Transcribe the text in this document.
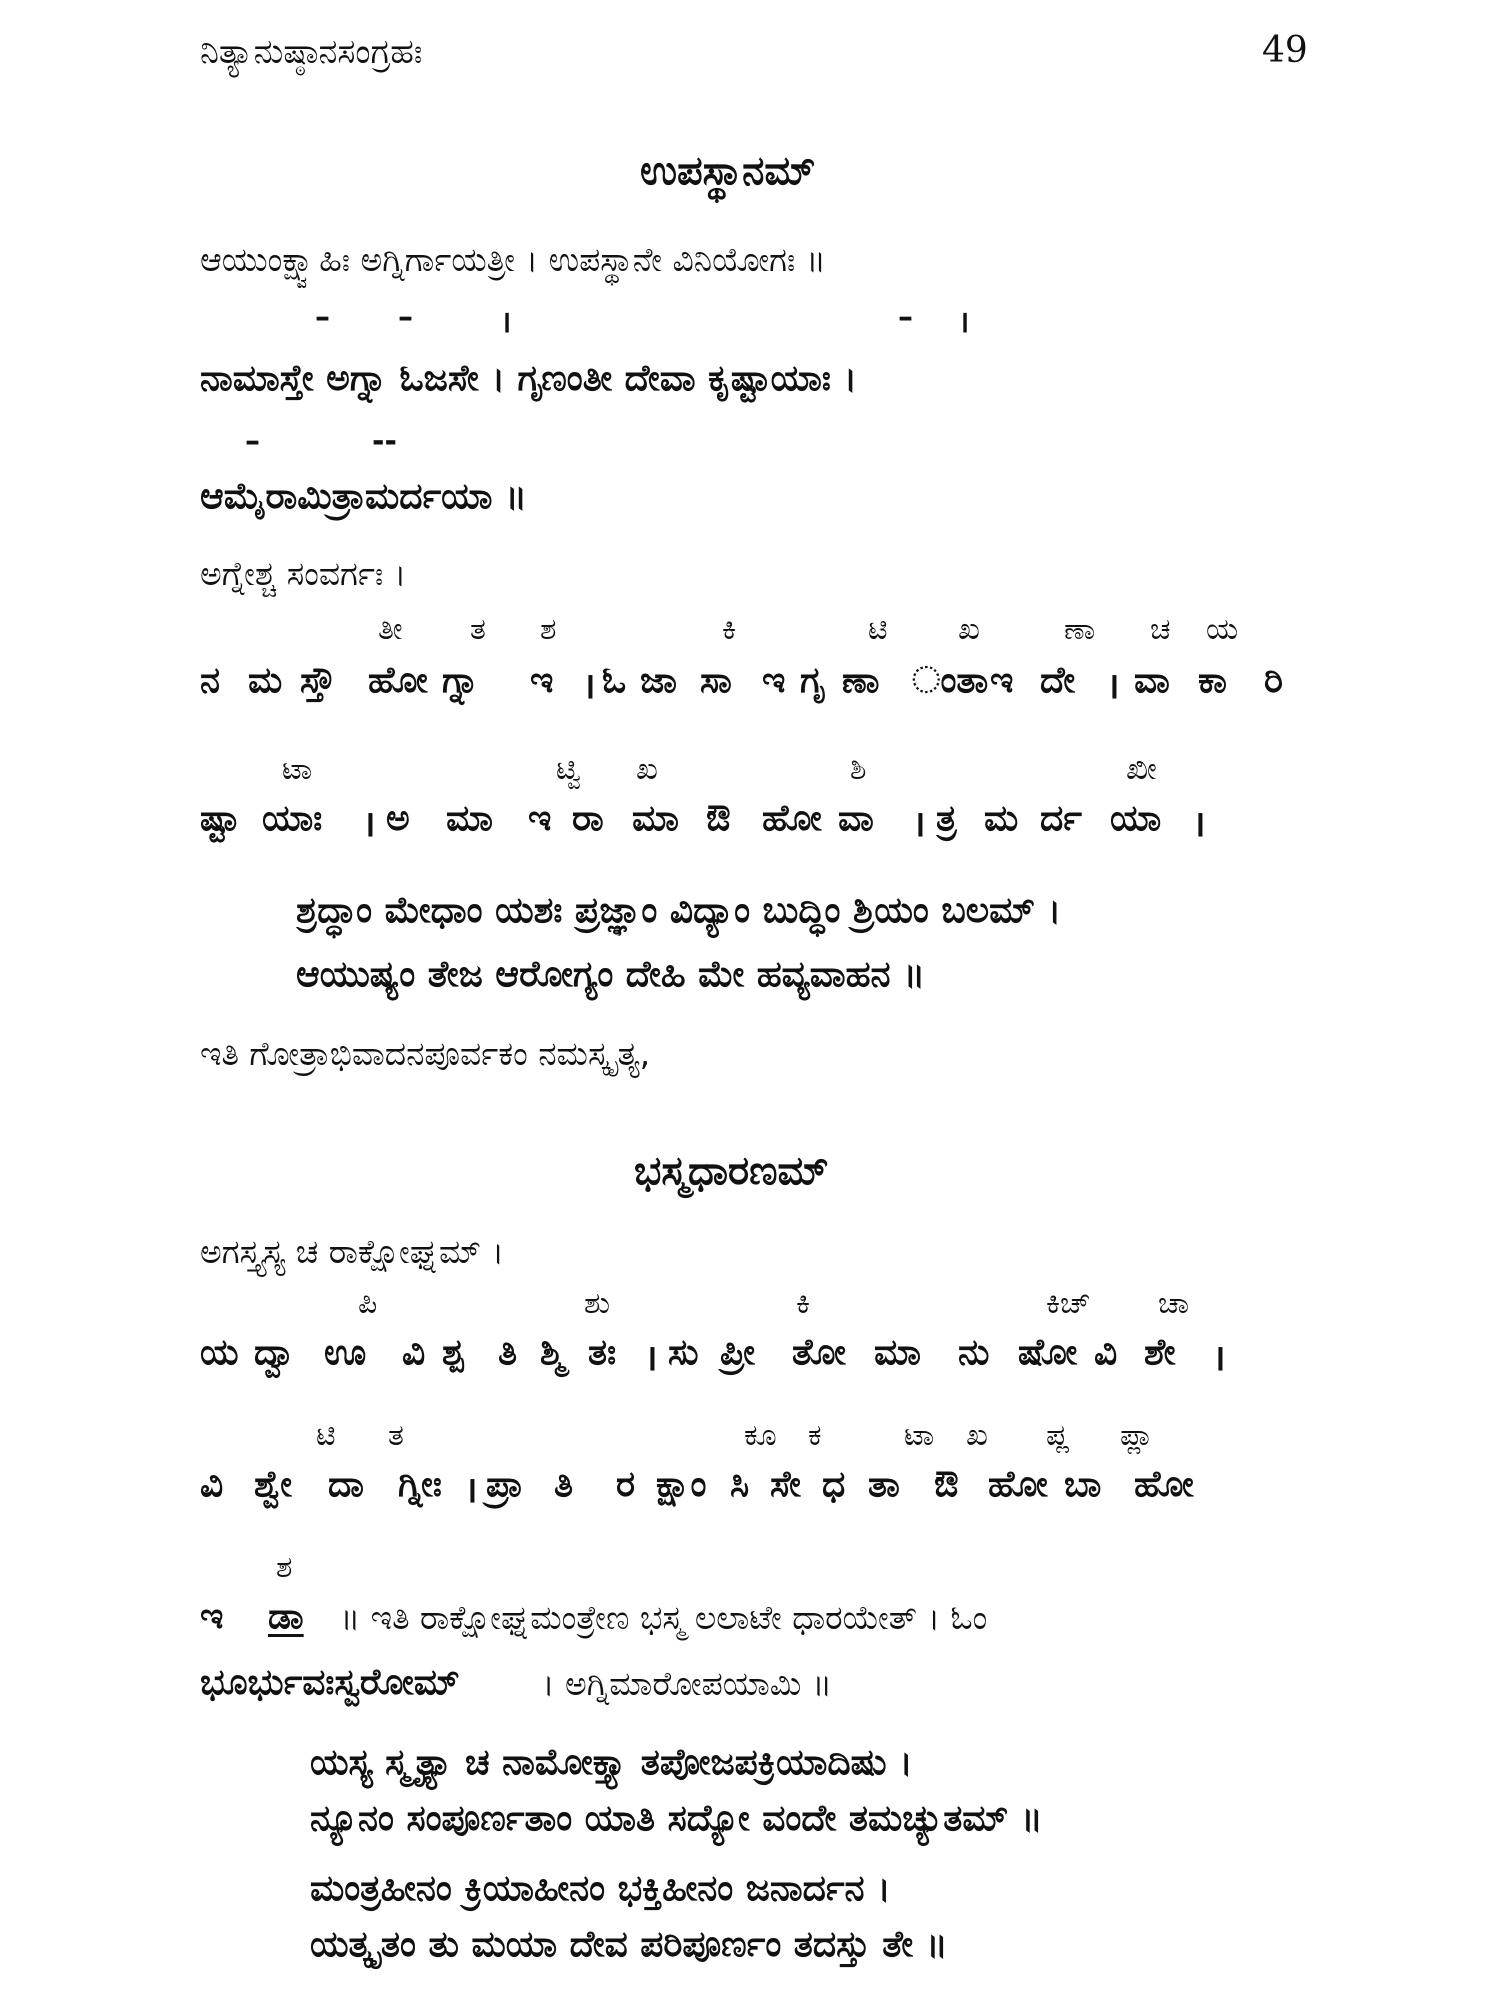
ನಿತ್ಯಾನುಷ್ಠಾನಸಂಗ್ರಹಃ	49
ಉಪಸ್ಥಾನಮ್
ಆಯುಂಕ್ಷ್ವಾಹಿಃ ಅಗ್ನಿರ್ಗಾಯತ್ರೀ । ಉಪಸ್ಥಾನೇ ವಿನಿಯೋಗಃ ॥
– –	।	– ।
ನಾಮಾಸ್ತೇ ಅಗ್ನಾ ಓಜಸೇ । ಗೃಣಂತೀ ದೇವಾ ಕೃಷ್ಟಾಯಾಃ ।
–	--
ಆಮೈರಾಮಿತ್ರಾಮರ್ದಯಾ ॥
ಅಗ್ನೇಶ್ಚ ಸಂವರ್ಗಃ ।
ತೀ ತ ಶ	ಕಿ	ಟಿ ಖ	ಣಾ ಚ ಯ
ನ ಮ ಸ್ತೌ ಹೋ ಗ್ನಾ ಇ । ಓ ಜಾ ಸಾ ಇ ಗೃ ಣಾ ಂತಾ ಇ ದೇ । ವಾ ಕಾ ರಿ
ಟಾ	ಟ್ವಿ ಖ	ಶಿ	ಖೀ
ಷ್ಟಾ ಯಾಃ । ಅ ಮಾ ಇ ರಾ ಮಾ ಔ ಹೋ ವಾ । ತ್ರ ಮ ರ್ದ ಯಾ ।
ಶ್ರದ್ಧಾಂ ಮೇಧಾಂ ಯಶಃ ಪ್ರಜ್ಞಾಂ ವಿದ್ಯಾಂ ಬುದ್ಧಿಂ ಶ್ರಿಯಂ ಬಲಮ್ ।
ಆಯುಷ್ಯಂ ತೇಜ ಆರೋಗ್ಯಂ ದೇಹಿ ಮೇ ಹವ್ಯವಾಹನ ॥
ಇತಿ ಗೋತ್ರಾಭಿವಾದನಪೂರ್ವಕಂ ನಮಸ್ಕೃತ್ಯ,
ಭಸ್ಮಧಾರಣಮ್
ಅಗಸ್ತ್ಯಸ್ಯ ಚ ರಾಕ್ಷೋಘ್ನಮ್ ।
ಪಿ	ಶು	ಕಿ	ಕಿಚ್ ಚಾ
ಯ ದ್ವಾ ಊ ವಿ ಶ್ಪ ತಿ ಶ್ಮಿ ತಃ । ಸು ಪ್ರೀ ತೋ ಮಾ ನು ಷೋ ವಿ ಶೇ ।
ಟಿ ತ	ಕೂ ಕ	ಟಾ ಖ ಪ್ಲ ಪ್ಲಾ
ವಿ ಶ್ವೇ ದಾ ಗ್ನೀಃ । ಪ್ರಾ ತಿ ರ ಕ್ಷಾಂ ಸಿ ಸೇ ಧ ತಾ ಔ ಹೋ ಬಾ ಹೋ
ಶ
ಇ ಡಾ ॥ ಇತಿ ರಾಕ್ಷೋಘ್ನಮಂತ್ರೇಣ ಭಸ್ಮ ಲಲಾಟೇ ಧಾರಯೇತ್ । ಓಂ
ಭೂರ್ಭುವಃಸ್ವರೋಮ್ । ಅಗ್ನಿಮಾರೋಪಯಾಮಿ ॥
ಯಸ್ಯ ಸ್ಮೃತ್ಯಾ ಚ ನಾಮೋಕ್ತ್ಯಾ ತಪೋಜಪಕ್ರಿಯಾದಿಷು ।
ನ್ಯೂನಂ ಸಂಪೂರ್ಣತಾಂ ಯಾತಿ ಸದ್ಯೋ ವಂದೇ ತಮಚ್ಯುತಮ್ ॥
ಮಂತ್ರಹೀನಂ ಕ್ರಿಯಾಹೀನಂ ಭಕ್ತಿಹೀನಂ ಜನಾರ್ದನ ।
ಯತ್ಕೃತಂ ತು ಮಯಾ ದೇವ ಪರಿಪೂರ್ಣಂ ತದಸ್ತು ತೇ ॥
